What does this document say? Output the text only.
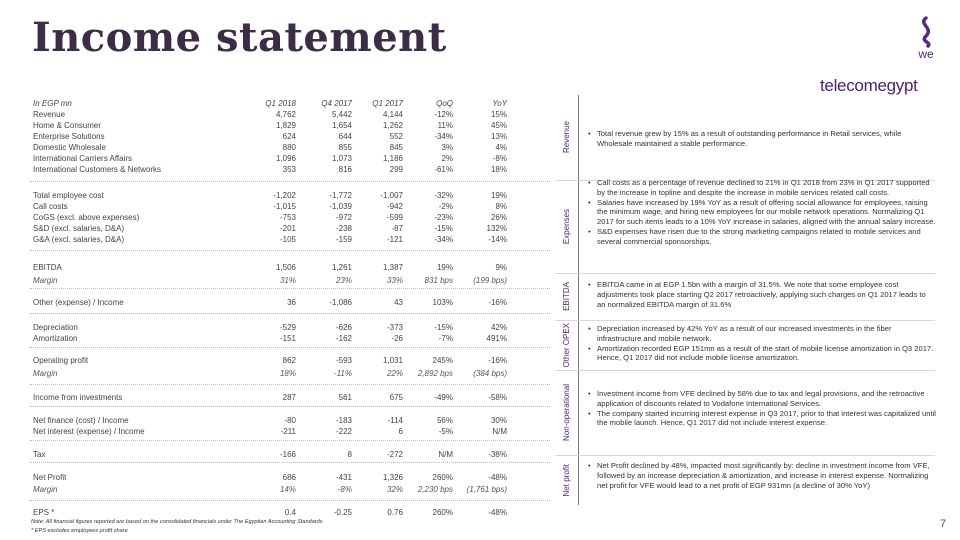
Income statement	we
telecomegypt
In EGP mn	Q1 2018	Q4 2017	Q1 2017	QoQ	YoY
Revenue	4,762	5,442	4,144	-12%	15%
Home & Consumer	1,829	1,654	1,262	11%	45%
Enterprise Solutions	624	644	552	-34%	13%
Domestic Wholesale	880	855	845	3%	4%
International Carriers Affairs	1,096	1,073	1,186	2%	-8%
International Customers & Networks	353	816	299	-61%	18%
Total employee cost	-1,202	-1,772	-1,007	-32%	19%
Call costs	-1,015	-1,039	-942	-2%	8%
CoGS (excl. above expenses)	-753	-972	-599	-23%	26%
S&D (excl. salaries, D&A)	-201	-238	-87	-15%	132%
G&A (excl. salaries, D&A)	-105	-159	-121	-34%	-14%
EBITDA	1,506	1,261	1,387	19%	9%
Margin	31%	23%	33%	831 bps	(199 bps)
Other (expense) / Income	36	-1,086	43	103%	-16%
Depreciation	-529	-626	-373	-15%	42%
Amortization	-151	-162	-26	-7%	491%
Operating profit	862	-593	1,031	245%	-16%
Margin	18%	-11%	22%	2,892 bps	(384 bps)
Income from investments	287	561	675	-49%	-58%
Net finance (cost) / Income	-80	-183	-114	56%	30%
Net interest (expense) / Income	-211	-222	6	-5%	N/M
Tax	-166	8	-272	N/M	-38%
Net Profit	686	-431	1,326	260%	-48%
Margin	14%	-8%	32%	2,230 bps	(1,761 bps)
EPS *	0.4	-0.25	0.76	260%	-48%
Revenue	• Total revenue grew by 15% as a result of outstanding performance in Retail services, while Wholesale maintained a stable performance.
Expenses
• Call costs as a percentage of revenue declined to 21% in Q1 2018 from 23% in Q1 2017 supported by the increase in topline and despite the increase in mobile services related call costs.
• Salaries have increased by 19% YoY as a result of offering social allowance for employees, raising the minimum wage, and hiring new employees for our mobile network operations. Normalizing Q1 2017 for such items leads to a 10% YoY increase in salaries, aligned with the annual salary increase.
• S&D expenses have risen due to the strong marketing campaigns related to mobile services and several commercial sponsorships.
EBITDA	• EBITDA came in at EGP 1.5bn with a margin of 31.5%. We note that some employee cost adjustments took place starting Q2 2017 retroactively, applying such charges on Q1 2017 leads to an normalized EBITDA margin of 31.6%
Other OPEX	• Depreciation increased by 42% YoY as a result of our increased investments in the fiber infrastructure and mobile network.
• Amortization recorded EGP 151mn as a result of the start of mobile license amortization in Q3 2017. Hence, Q1 2017 did not include mobile license amortization.
Non-operational	• Investment income from VFE declined by 58% due to tax and legal provisions, and the retroactive application of discounts related to Vodafone International Services.
• The company started incurring interest expense in Q3 2017, prior to that interest was capitalized until the mobile launch. Hence, Q1 2017 did not include interest expense.
Net profit	• Net Profit declined by 48%, impacted most significantly by: decline in investment income from VFE, followed by an increase depreciation & amortization, and increase in interest expense. Normalizing net profit for VFE would lead to a net profit of EGP 931mn (a decline of 30% YoY)
Note: All financial figures reported are based on the consolidated financials under The Egyptian Accounting Standards
* EPS excludes employees profit share
7
